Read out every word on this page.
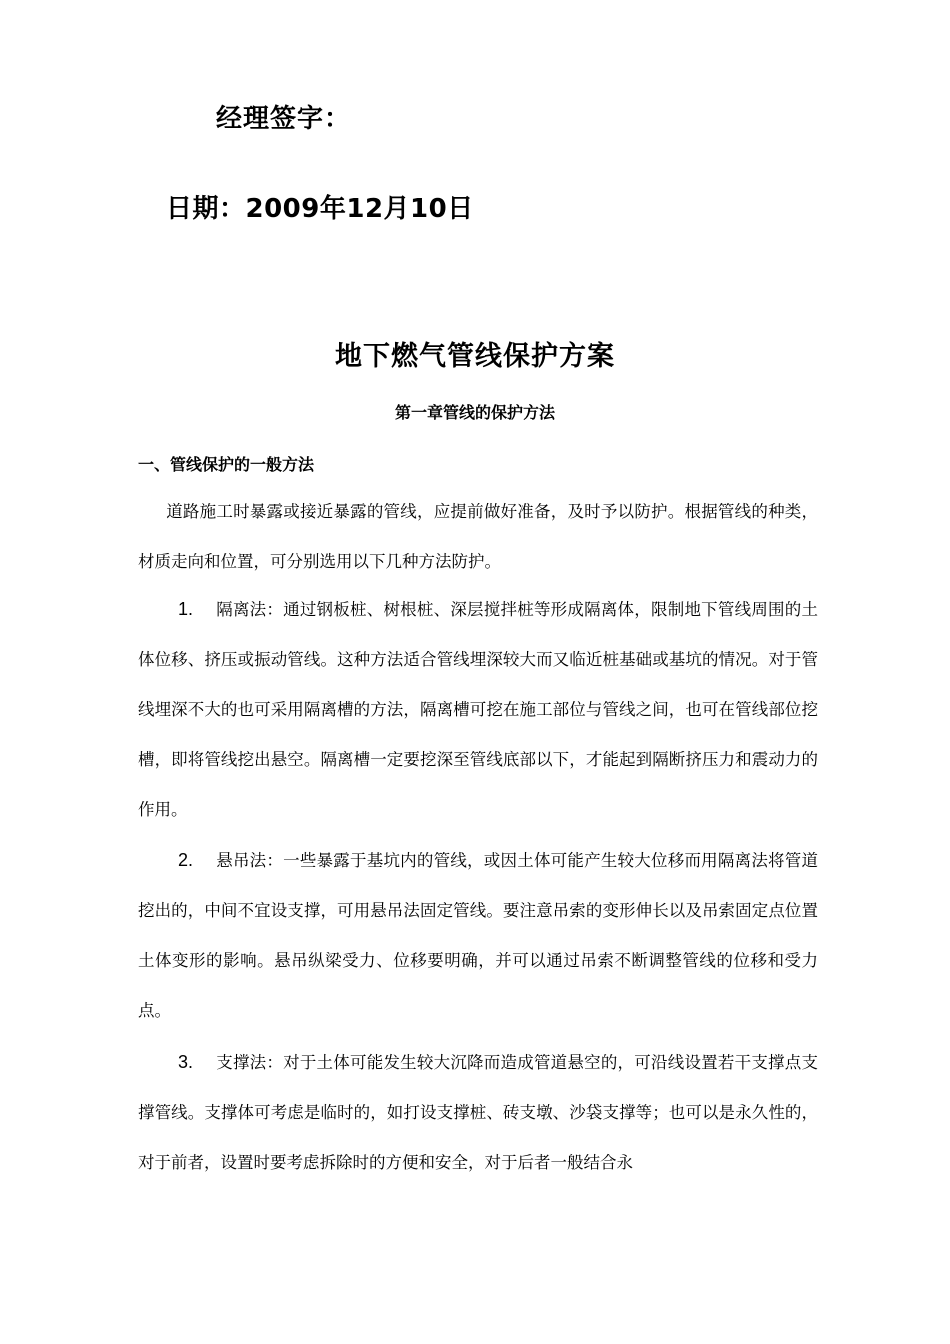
经理签字：
日期：2009年12月10日
地下燃气管线保护方案
第一章管线的保护方法
一、管线保护的一般方法

道路施工时暴露或接近暴露的管线，应提前做好准备，及时予以防护。根据管线的种类，材质走向和位置，可分别选用以下几种方法防护。

1. 隔离法：通过钢板桩、树根桩、深层搅拌桩等形成隔离体，限制地下管线周围的土体位移、挤压或振动管线。这种方法适合管线埋深较大而又临近桩基础或基坑的情况。对于管线埋深不大的也可采用隔离槽的方法，隔离槽可挖在施工部位与管线之间，也可在管线部位挖槽，即将管线挖出悬空。隔离槽一定要挖深至管线底部以下，才能起到隔断挤压力和震动力的作用。

2. 悬吊法：一些暴露于基坑内的管线，或因土体可能产生较大位移而用隔离法将管道挖出的，中间不宜设支撑，可用悬吊法固定管线。要注意吊索的变形伸长以及吊索固定点位置土体变形的影响。悬吊纵梁受力、位移要明确，并可以通过吊索不断调整管线的位移和受力点。

3. 支撑法：对于土体可能发生较大沉降而造成管道悬空的，可沿线设置若干支撑点支撑管线。支撑体可考虑是临时的，如打设支撑桩、砖支墩、沙袋支撑等；也可以是永久性的，对于前者，设置时要考虑拆除时的方便和安全，对于后者一般结合永
